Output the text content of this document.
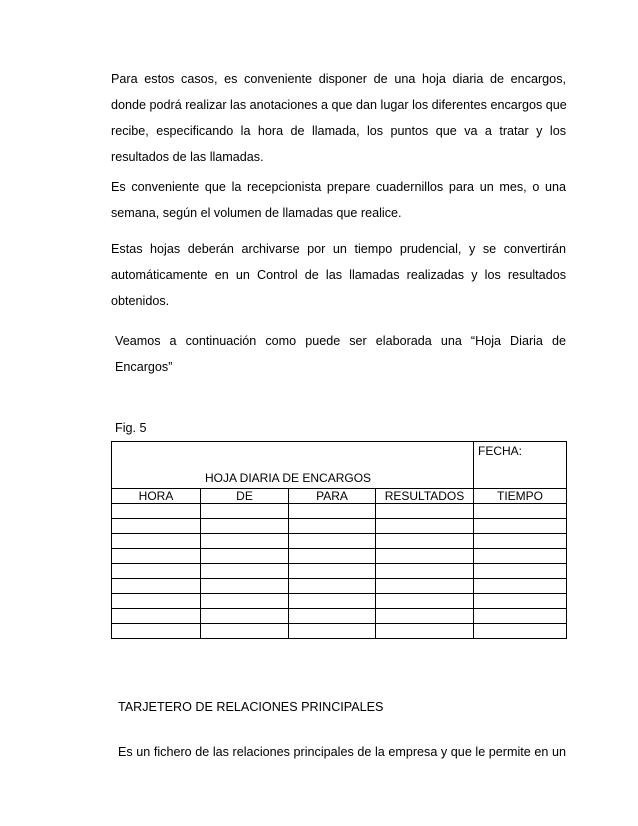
Para estos casos, es conveniente disponer de una hoja diaria de encargos,
donde podrá realizar las anotaciones a que dan lugar los diferentes encargos que
recibe, especificando la hora de llamada, los puntos que va a tratar y los
resultados de las llamadas.
Es conveniente que la recepcionista prepare cuadernillos para un mes, o una
semana, según el volumen de llamadas que realice.
Estas hojas deberán archivarse por un tiempo prudencial, y se convertirán
automáticamente en un Control de las llamadas realizadas y los resultados
obtenidos.
Veamos a continuación como puede ser elaborada una “Hoja Diaria de
Encargos”
Fig. 5
HOJA DIARIA DE ENCARGOS				FECHA:

HORA	DE	PARA	RESULTADOS	TIEMPO

TARJETERO DE RELACIONES PRINCIPALES
Es un fichero de las relaciones principales de la empresa y que le permite en un
